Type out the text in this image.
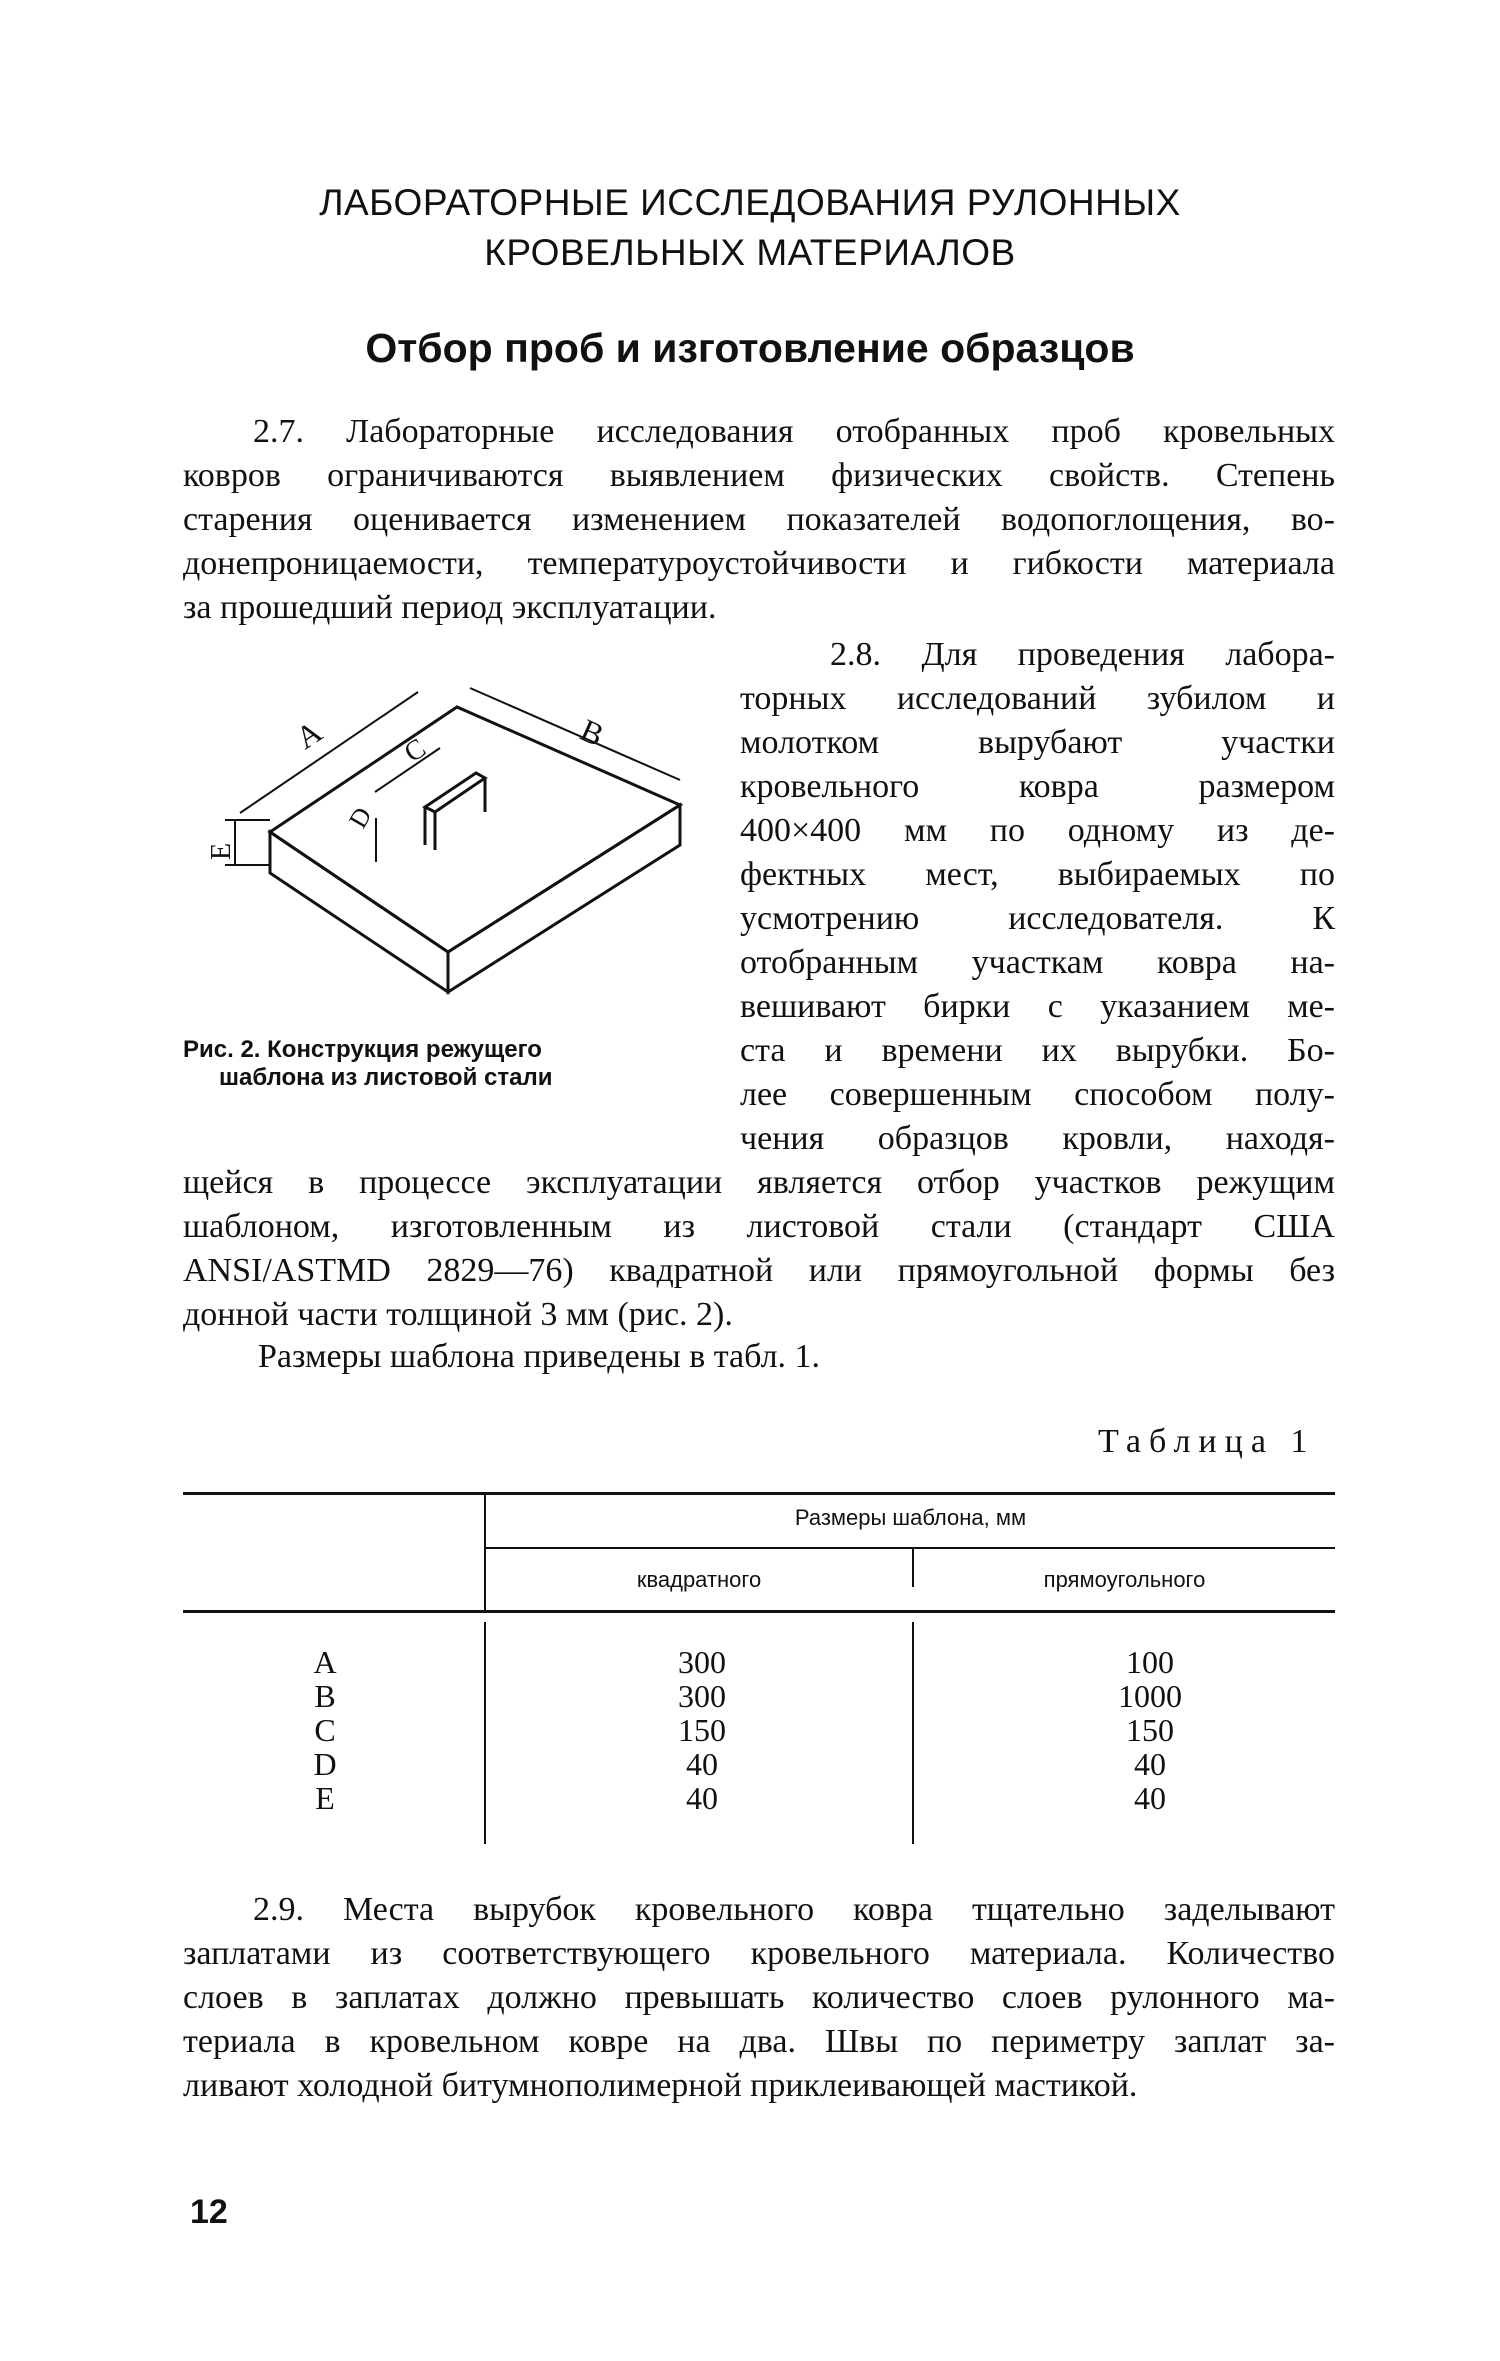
ЛАБОРАТОРНЫЕ ИССЛЕДОВАНИЯ РУЛОННЫХ
КРОВЕЛЬНЫХ МАТЕРИАЛОВ
Отбор проб и изготовление образцов
2.7. Лабораторные исследования отобранных проб кровельных
ковров ограничиваются выявлением физических свойств. Степень
старения оценивается изменением показателей водопоглощения, во-
донепроницаемости, температуроустойчивости и гибкости материала
за прошедший период эксплуатации.
A	B
C
D
E
Рис. 2. Конструкция режущего
шаблона из листовой стали
2.8. Для проведения лабора-
торных исследований зубилом и
молотком вырубают участки
кровельного ковра размером
400×400 мм по одному из де-
фектных мест, выбираемых по
усмотрению исследователя. К
отобранным участкам ковра на-
вешивают бирки с указанием ме-
ста и времени их вырубки. Бо-
лее совершенным способом полу-
чения образцов кровли, находя-
щейся в процессе эксплуатации является отбор участков режущим
шаблоном, изготовленным из листовой стали (стандарт США
ANSI/ASTMD 2829—76) квадратной или прямоугольной формы без
донной части толщиной 3 мм (рис. 2).
Размеры шаблона приведены в табл. 1.
Таблица 1
Размеры шаблона, мм
квадратного	прямоугольного
A
B
C
D
E
300
300
150
40
40
100
1000
150
40
40
2.9. Места вырубок кровельного ковра тщательно заделывают
заплатами из соответствующего кровельного материала. Количество
слоев в заплатах должно превышать количество слоев рулонного ма-
териала в кровельном ковре на два. Швы по периметру заплат за-
ливают холодной битумнополимерной приклеивающей мастикой.
12
